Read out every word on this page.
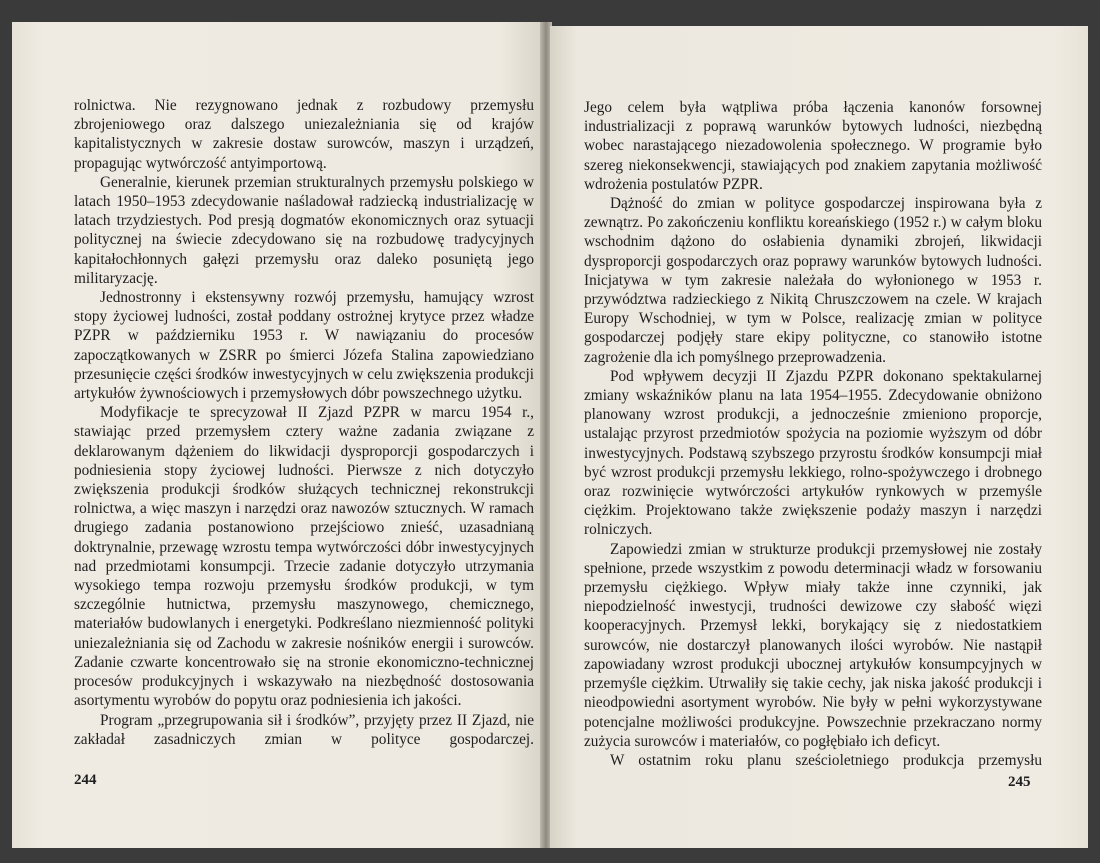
rolnictwa. Nie rezygnowano jednak z rozbudowy przemysłu zbrojeniowego oraz dalszego uniezależniania się od krajów kapitalistycznych w zakresie dostaw surowców, maszyn i urządzeń, propagując wytwórczość antyimportową.

Generalnie, kierunek przemian strukturalnych przemysłu polskiego w latach 1950–1953 zdecydowanie naśladował radziecką industrializację w latach trzydziestych. Pod presją dogmatów ekonomicznych oraz sytuacji politycznej na świecie zdecydowano się na rozbudowę tradycyjnych kapitałochłonnych gałęzi przemysłu oraz daleko posuniętą jego militaryzację.

Jednostronny i ekstensywny rozwój przemysłu, hamujący wzrost stopy życiowej ludności, został poddany ostrożnej krytyce przez władze PZPR w październiku 1953 r. W nawiązaniu do procesów zapoczątkowanych w ZSRR po śmierci Józefa Stalina zapowiedziano przesunięcie części środków inwestycyjnych w celu zwiększenia produkcji artykułów żywnościowych i przemysłowych dóbr powszechnego użytku.

Modyfikacje te sprecyzował II Zjazd PZPR w marcu 1954 r., stawiając przed przemysłem cztery ważne zadania związane z deklarowanym dążeniem do likwidacji dysproporcji gospodarczych i podniesienia stopy życiowej ludności. Pierwsze z nich dotyczyło zwiększenia produkcji środków służących technicznej rekonstrukcji rolnictwa, a więc maszyn i narzędzi oraz nawozów sztucznych. W ramach drugiego zadania postanowiono przejściowo znieść, uzasadnianą doktrynalnie, przewagę wzrostu tempa wytwórczości dóbr inwestycyjnych nad przedmiotami konsumpcji. Trzecie zadanie dotyczyło utrzymania wysokiego tempa rozwoju przemysłu środków produkcji, w tym szczególnie hutnictwa, przemysłu maszynowego, chemicznego, materiałów budowlanych i energetyki. Podkreślano niezmienność polityki uniezależniania się od Zachodu w zakresie nośników energii i surowców. Zadanie czwarte koncentrowało się na stronie ekonomiczno-technicznej procesów produkcyjnych i wskazywało na niezbędność dostosowania asortymentu wyrobów do popytu oraz podniesienia ich jakości.

Program „przegrupowania sił i środków”, przyjęty przez II Zjazd, nie zakładał zasadniczych zmian w polityce gospodarczej.

244

Jego celem była wątpliwa próba łączenia kanonów forsownej industrializacji z poprawą warunków bytowych ludności, niezbędną wobec narastającego niezadowolenia społecznego. W programie było szereg niekonsekwencji, stawiających pod znakiem zapytania możliwość wdrożenia postulatów PZPR.

Dążność do zmian w polityce gospodarczej inspirowana była z zewnątrz. Po zakończeniu konfliktu koreańskiego (1952 r.) w całym bloku wschodnim dążono do osłabienia dynamiki zbrojeń, likwidacji dysproporcji gospodarczych oraz poprawy warunków bytowych ludności. Inicjatywa w tym zakresie należała do wyłonionego w 1953 r. przywództwa radzieckiego z Nikitą Chruszczowem na czele. W krajach Europy Wschodniej, w tym w Polsce, realizację zmian w polityce gospodarczej podjęły stare ekipy polityczne, co stanowiło istotne zagrożenie dla ich pomyślnego przeprowadzenia.

Pod wpływem decyzji II Zjazdu PZPR dokonano spektakularnej zmiany wskaźników planu na lata 1954–1955. Zdecydowanie obniżono planowany wzrost produkcji, a jednocześnie zmieniono proporcje, ustalając przyrost przedmiotów spożycia na poziomie wyższym od dóbr inwestycyjnych. Podstawą szybszego przyrostu środków konsumpcji miał być wzrost produkcji przemysłu lekkiego, rolno-spożywczego i drobnego oraz rozwinięcie wytwórczości artykułów rynkowych w przemyśle ciężkim. Projektowano także zwiększenie podaży maszyn i narzędzi rolniczych.

Zapowiedzi zmian w strukturze produkcji przemysłowej nie zostały spełnione, przede wszystkim z powodu determinacji władz w forsowaniu przemysłu ciężkiego. Wpływ miały także inne czynniki, jak niepodzielność inwestycji, trudności dewizowe czy słabość więzi kooperacyjnych. Przemysł lekki, borykający się z niedostatkiem surowców, nie dostarczył planowanych ilości wyrobów. Nie nastąpił zapowiadany wzrost produkcji ubocznej artykułów konsumpcyjnych w przemyśle ciężkim. Utrwaliły się takie cechy, jak niska jakość produkcji i nieodpowiedni asortyment wyrobów. Nie były w pełni wykorzystywane potencjalne możliwości produkcyjne. Powszechnie przekraczano normy zużycia surowców i materiałów, co pogłębiało ich deficyt.

W ostatnim roku planu sześcioletniego produkcja przemysłu

245
